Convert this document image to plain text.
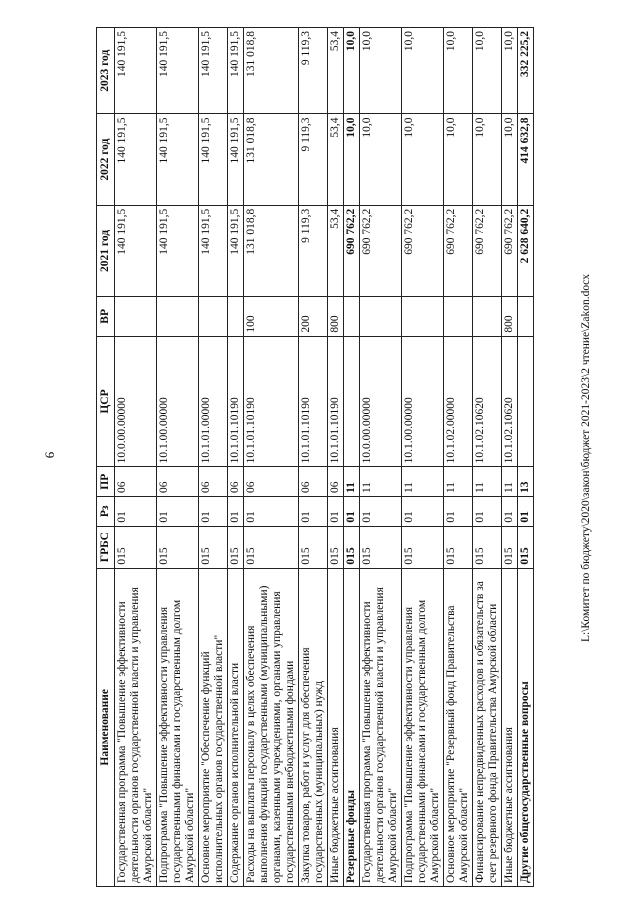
9
Наименование	ГРБС	Рз	ПР	ЦСР	ВР	2021 год	2022 год	2023 год
Государственная программа "Повышение эффективности деятельности органов государственной власти и управления Амурской области"	015	01	06	10.0.00.00000		140 191,5	140 191,5	140 191,5
Подпрограмма "Повышение эффективности управления государственными финансами и государственным долгом Амурской области"	015	01	06	10.1.00.00000		140 191,5	140 191,5	140 191,5
Основное мероприятие "Обеспечение функций исполнительных органов государственной власти"	015	01	06	10.1.01.00000		140 191,5	140 191,5	140 191,5
Содержание органов исполнительной власти	015	01	06	10.1.01.10190		140 191,5	140 191,5	140 191,5
Расходы на выплаты персоналу в целях обеспечения выполнения функций государственными (муниципальными) органами, казенными учреждениями, органами управления государственными внебюджетными фондами	015	01	06	10.1.01.10190	100	131 018,8	131 018,8	131 018,8
Закупка товаров, работ и услуг для обеспечения государственных (муниципальных) нужд	015	01	06	10.1.01.10190	200	9 119,3	9 119,3	9 119,3
Иные бюджетные ассигнования	015	01	06	10.1.01.10190	800	53,4	53,4	53,4
Резервные фонды	015	01	11			690 762,2	10,0	10,0
Государственная программа "Повышение эффективности деятельности органов государственной власти и управления Амурской области"	015	01	11	10.0.00.00000		690 762,2	10,0	10,0
Подпрограмма "Повышение эффективности управления государственными финансами и государственным долгом Амурской области"	015	01	11	10.1.00.00000		690 762,2	10,0	10,0
Основное мероприятие "Резервный фонд Правительства Амурской области"	015	01	11	10.1.02.00000		690 762,2	10,0	10,0
Финансирование непредвиденных расходов и обязательств за счет резервного фонда Правительства Амурской области	015	01	11	10.1.02.10620		690 762,2	10,0	10,0
Иные бюджетные ассигнования	015	01	11	10.1.02.10620	800	690 762,2	10,0	10,0
Другие общегосударственные вопросы	015	01	13			2 628 640,2	414 632,8	332 225,2
L:\Комитет по бюджету\2020\закон\бюджет 2021-2023\2 чтение\Zakon.docx
